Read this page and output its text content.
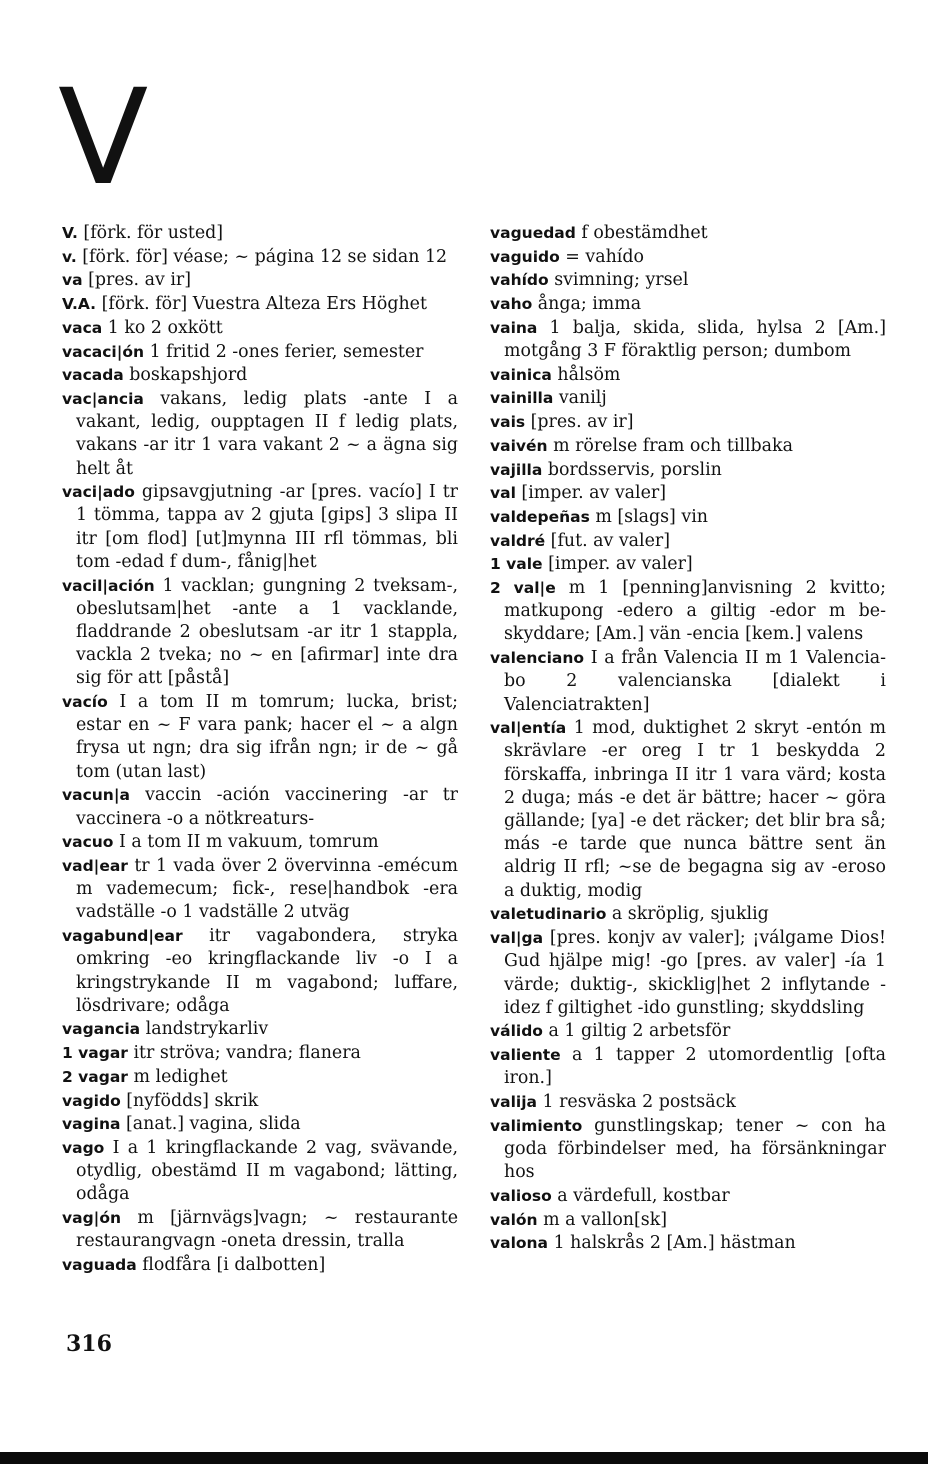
V

V. [förk. för usted]

v. [förk. för] véase; ~ página 12 se sidan 12

va [pres. av ir]

V.A. [förk. för] Vuestra Alteza Ers Höghet

vaca 1 ko 2 oxkött

vacaci|ón 1 fritid 2 -ones ferier, semester

vacada boskapshjord

vac|ancia vakans, ledig plats -ante I a vakant, ledig, oupptagen II f ledig plats, vakans -ar itr 1 vara vakant 2 ~ a ägna sig helt åt

vaci|ado gipsavgjutning -ar [pres. vacío] I tr 1 tömma, tappa av 2 gjuta [gips] 3 slipa II itr [om flod] [ut]mynna III rfl tömmas, bli tom -edad f dum-, fånig|het

vacil|ación 1 vacklan; gungning 2 tveksam-, obeslutsam|het -ante a 1 vacklande, fladdrande 2 obeslutsam -ar itr 1 stappla, vackla 2 tveka; no ~ en [afirmar] inte dra sig för att [påstå]

vacío I a tom II m tomrum; lucka, brist; estar en ~ F vara pank; hacer el ~ a algn frysa ut ngn; dra sig ifrån ngn; ir de ~ gå tom (utan last)

vacun|a vaccin -ación vaccinering -ar tr vaccinera -o a nötkreaturs-

vacuo I a tom II m vakuum, tomrum

vad|ear tr 1 vada över 2 övervinna -emécum m vademecum; fick-, rese|handbok -era vadställe -o 1 vadställe 2 utväg

vagabund|ear itr vagabondera, stryka omkring -eo kringflackande liv -o I a kringstrykande II m vagabond; luffare, lösdrivare; odåga

vagancia landstrykarliv

1 vagar itr ströva; vandra; flanera

2 vagar m ledighet

vagido [nyfödds] skrik

vagina [anat.] vagina, slida

vago I a 1 kringflackande 2 vag, svävande, otydlig, obestämd II m vagabond; lätting, odåga

vag|ón m [järnvägs]vagn; ~ restaurante restaurangvagn -oneta dressin, tralla

vaguada flodfåra [i dalbotten]

vaguedad f obestämdhet

vaguido = vahído

vahído svimning; yrsel

vaho ånga; imma

vaina 1 balja, skida, slida, hylsa 2 [Am.] motgång 3 F föraktlig person; dumbom

vainica hålsöm

vainilla vanilj

vais [pres. av ir]

vaivén m rörelse fram och tillbaka

vajilla bordsservis, porslin

val [imper. av valer]

valdepeñas m [slags] vin

valdré [fut. av valer]

1 vale [imper. av valer]

2 val|e m 1 [penning]anvisning 2 kvitto; matkupong -edero a giltig -edor m beskyddare; [Am.] vän -encia [kem.] valens

valenciano I a från Valencia II m 1 Valencia-bo 2 valencianska [dialekt i Valenciatrakten]

val|entía 1 mod, duktighet 2 skryt -entón m skrävlare -er oreg I tr 1 beskydda 2 förskaffa, inbringa II itr 1 vara värd; kosta 2 duga; más -e det är bättre; hacer ~ göra gällande; [ya] -e det räcker; det blir bra så; más -e tarde que nunca bättre sent än aldrig II rfl; ~se de begagna sig av -eroso a duktig, modig

valetudinario a skröplig, sjuklig

val|ga [pres. konjv av valer]; ¡válgame Dios! Gud hjälpe mig! -go [pres. av valer] -ía 1 värde; duktig-, skicklig|het 2 inflytande -idez f giltighet -ido gunstling; skyddsling

válido a 1 giltig 2 arbetsför

valiente a 1 tapper 2 utomordentlig [ofta iron.]

valija 1 resväska 2 postsäck

valimiento gunstlingskap; tener ~ con ha goda förbindelser med, ha försänkningar hos

valioso a värdefull, kostbar

valón m a vallon[sk]

valona 1 halskrås 2 [Am.] hästman

316
